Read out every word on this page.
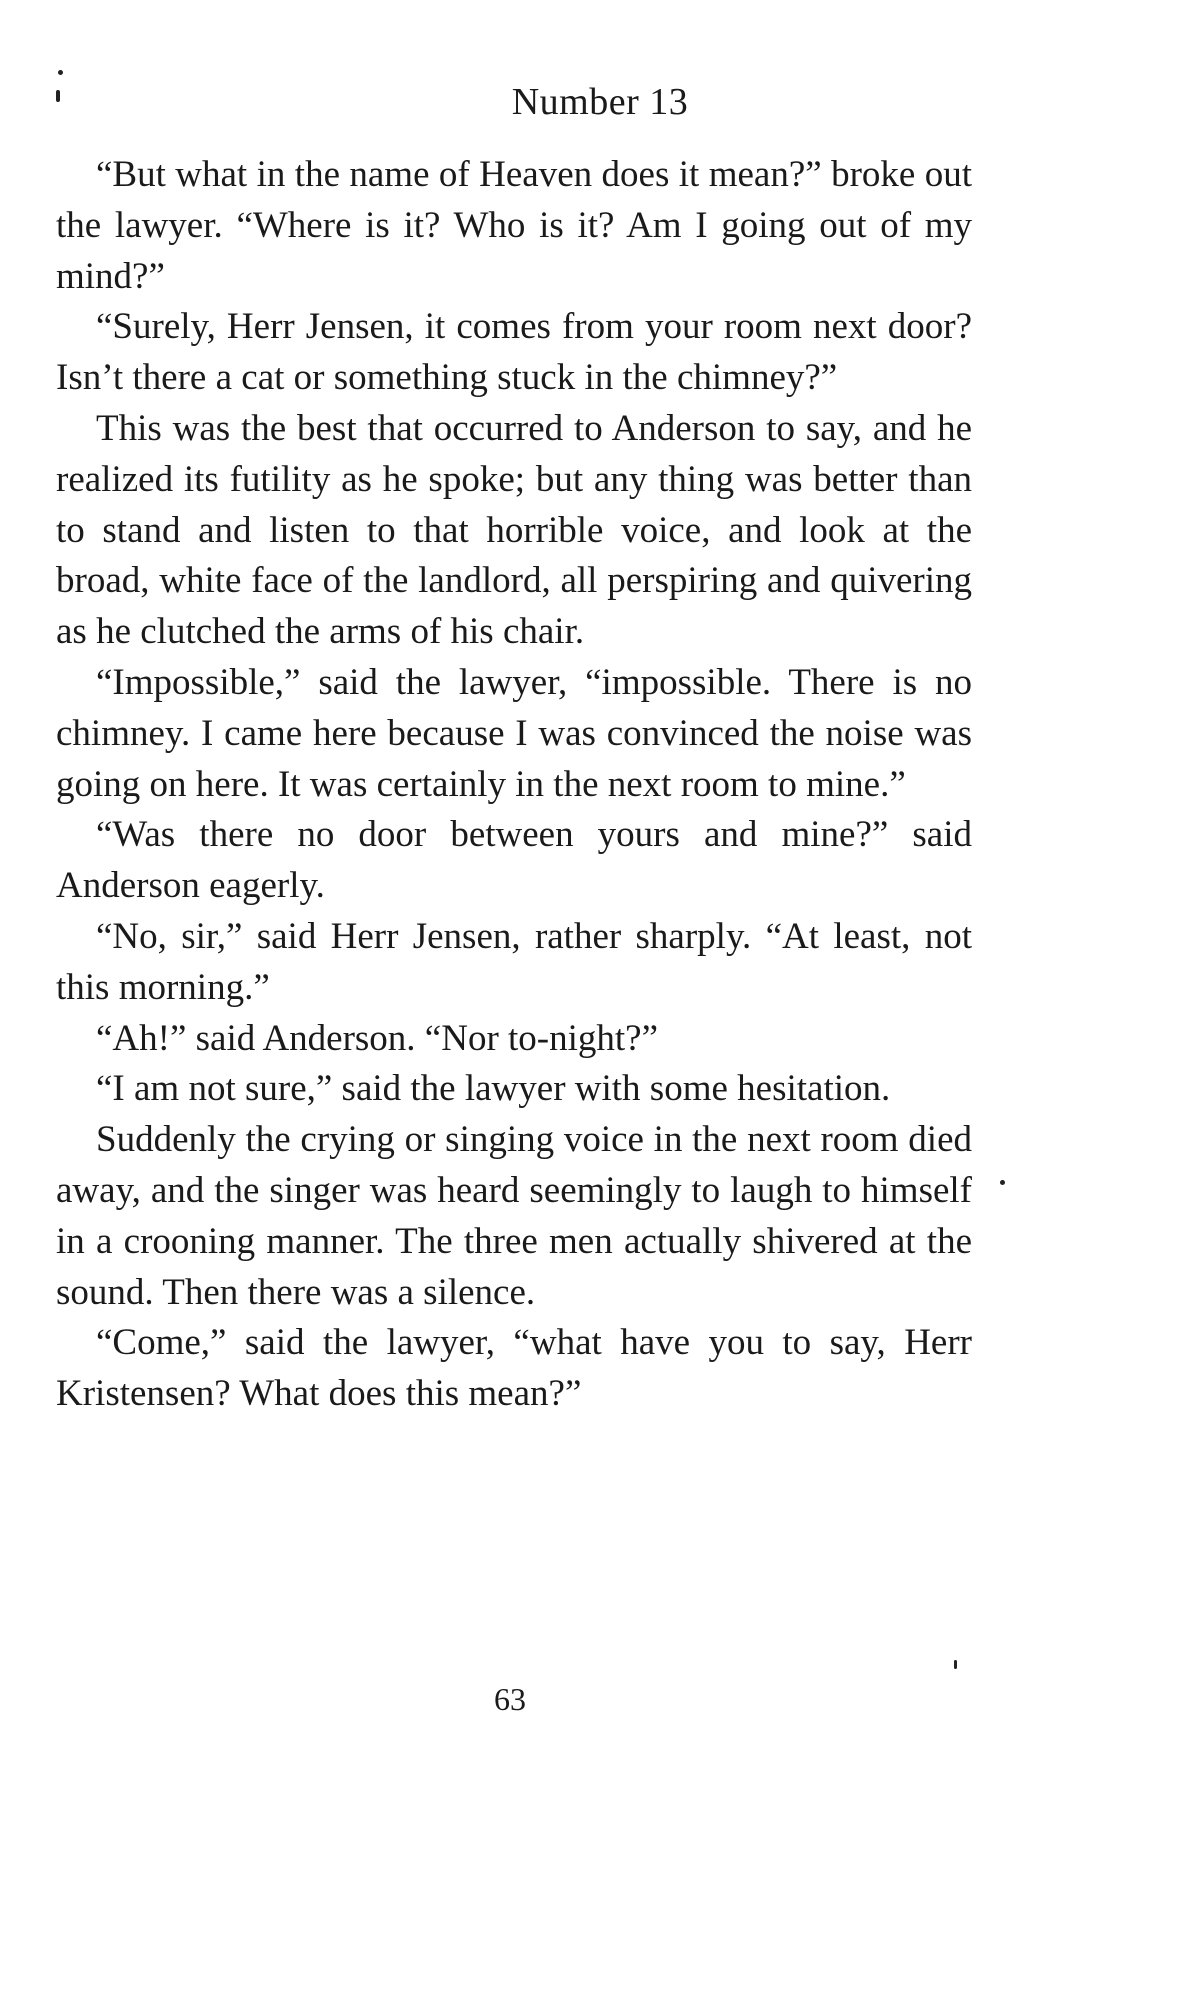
Number 13

“But what in the name of Heaven does it mean?” broke out the lawyer. “Where is it? Who is it? Am I going out of my mind?”

“Surely, Herr Jensen, it comes from your room next door? Isn’t there a cat or something stuck in the chimney?”

This was the best that occurred to Anderson to say, and he realized its futility as he spoke; but any thing was better than to stand and listen to that horrible voice, and look at the broad, white face of the landlord, all perspiring and quivering as he clutched the arms of his chair.

“Impossible,” said the lawyer, “impossible. There is no chimney. I came here because I was convinced the noise was going on here. It was certainly in the next room to mine.”

“Was there no door between yours and mine?” said Anderson eagerly.

“No, sir,” said Herr Jensen, rather sharply. “At least, not this morning.”

“Ah!” said Anderson. “Nor to-night?”

“I am not sure,” said the lawyer with some hesitation.

Suddenly the crying or singing voice in the next room died away, and the singer was heard seemingly to laugh to himself in a crooning manner. The three men actually shivered at the sound. Then there was a silence.

“Come,” said the lawyer, “what have you to say, Herr Kristensen? What does this mean?”

63
